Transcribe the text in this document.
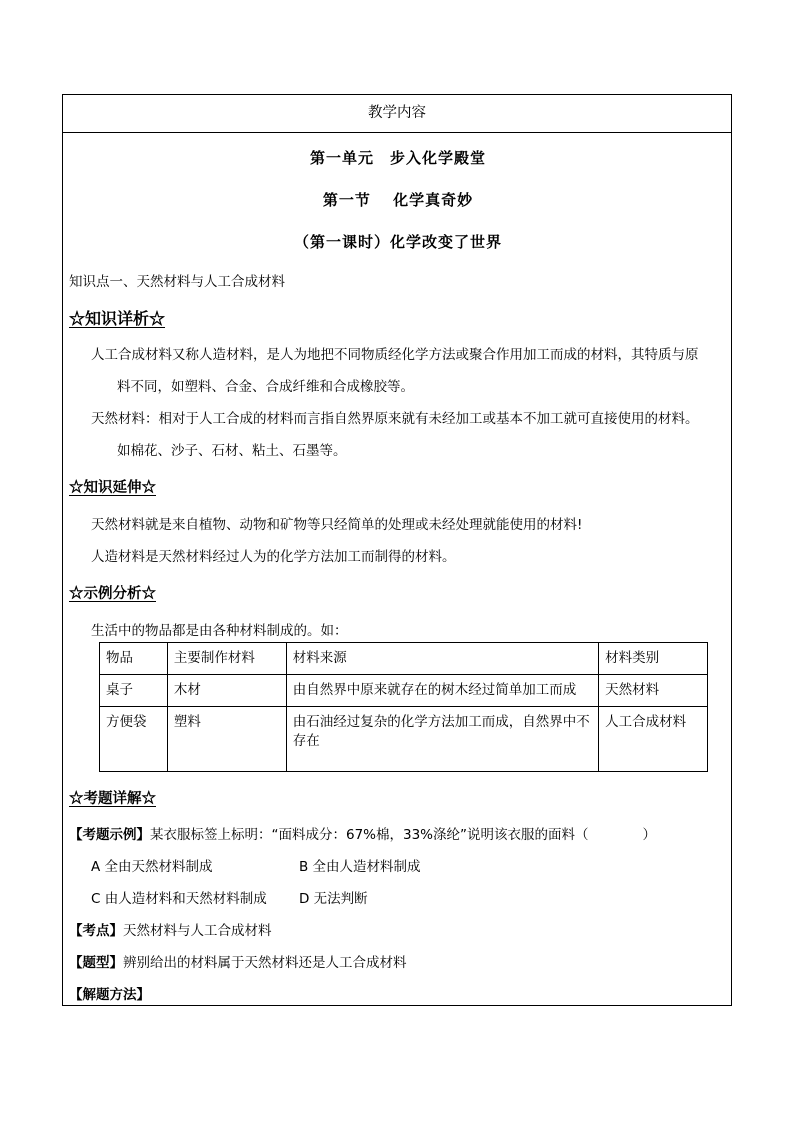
教学内容
第一单元　步入化学殿堂
第一节　 化学真奇妙
（第一课时）化学改变了世界
知识点一、天然材料与人工合成材料
☆知识详析☆
人工合成材料又称人造材料，是人为地把不同物质经化学方法或聚合作用加工而成的材料，其特质与原
料不同，如塑料、合金、合成纤维和合成橡胶等。
天然材料：相对于人工合成的材料而言指自然界原来就有未经加工或基本不加工就可直接使用的材料。
如棉花、沙子、石材、粘土、石墨等。
☆知识延伸☆
天然材料就是来自植物、动物和矿物等只经简单的处理或未经处理就能使用的材料!
人造材料是天然材料经过人为的化学方法加工而制得的材料。
☆示例分析☆
生活中的物品都是由各种材料制成的。如：
物品	主要制作材料	材料来源	材料类别
桌子	木材	由自然界中原来就存在的树木经过简单加工而成	天然材料
方便袋	塑料	由石油经过复杂的化学方法加工而成，自然界中不存在	人工合成材料
☆考题详解☆
【考题示例】某衣服标签上标明：“面料成分：67%棉，33%涤纶”说明该衣服的面料（　　　　）
A 全由天然材料制成	B 全由人造材料制成
C 由人造材料和天然材料制成 D 无法判断
【考点】天然材料与人工合成材料
【题型】辨别给出的材料属于天然材料还是人工合成材料
【解题方法】
